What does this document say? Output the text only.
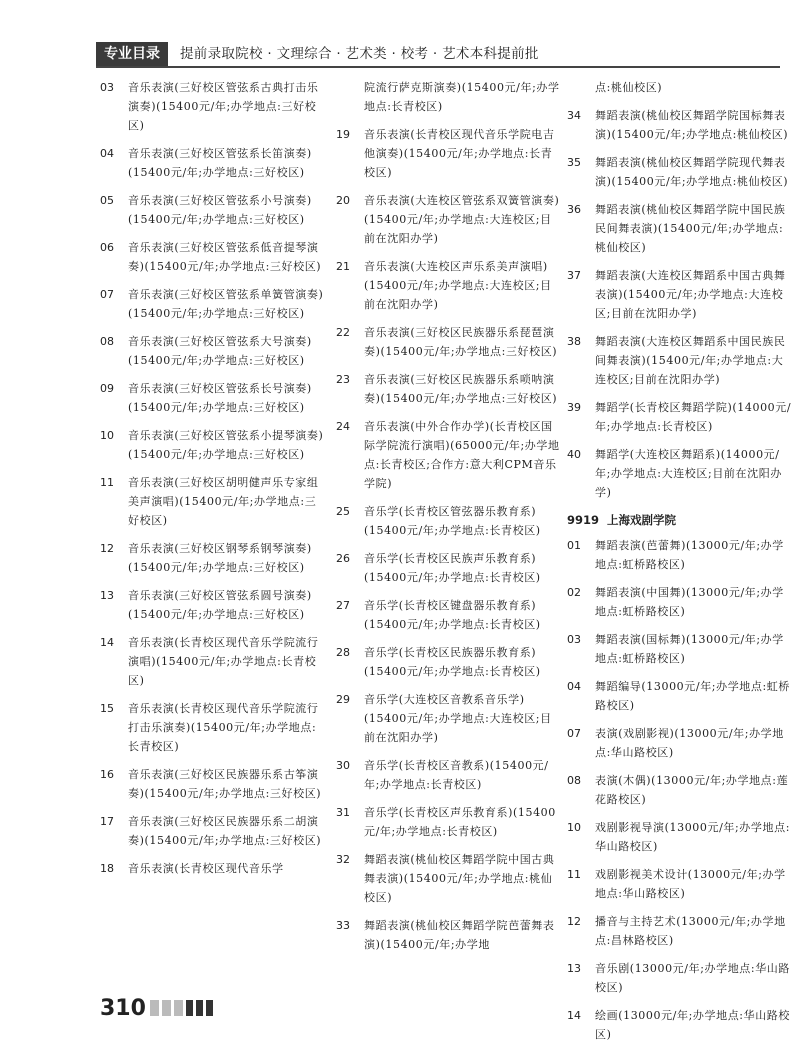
专业目录	提前录取院校 · 文理综合 · 艺术类 · 校考 · 艺术本科提前批
03	音乐表演(三好校区管弦系古典打击乐演奏)(15400元/年;办学地点:三好校区)
04	音乐表演(三好校区管弦系长笛演奏)(15400元/年;办学地点:三好校区)
05	音乐表演(三好校区管弦系小号演奏)(15400元/年;办学地点:三好校区)
06	音乐表演(三好校区管弦系低音提琴演奏)(15400元/年;办学地点:三好校区)
07	音乐表演(三好校区管弦系单簧管演奏)(15400元/年;办学地点:三好校区)
08	音乐表演(三好校区管弦系大号演奏)(15400元/年;办学地点:三好校区)
09	音乐表演(三好校区管弦系长号演奏)(15400元/年;办学地点:三好校区)
10	音乐表演(三好校区管弦系小提琴演奏)(15400元/年;办学地点:三好校区)
11	音乐表演(三好校区胡明健声乐专家组美声演唱)(15400元/年;办学地点:三好校区)
12	音乐表演(三好校区钢琴系钢琴演奏)(15400元/年;办学地点:三好校区)
13	音乐表演(三好校区管弦系圆号演奏)(15400元/年;办学地点:三好校区)
14	音乐表演(长青校区现代音乐学院流行演唱)(15400元/年;办学地点:长青校区)
15	音乐表演(长青校区现代音乐学院流行打击乐演奏)(15400元/年;办学地点:长青校区)
16	音乐表演(三好校区民族器乐系古筝演奏)(15400元/年;办学地点:三好校区)
17	音乐表演(三好校区民族器乐系二胡演奏)(15400元/年;办学地点:三好校区)
18	音乐表演(长青校区现代音乐学
院流行萨克斯演奏)(15400元/年;办学地点:长青校区)
19	音乐表演(长青校区现代音乐学院电吉他演奏)(15400元/年;办学地点:长青校区)
20	音乐表演(大连校区管弦系双簧管演奏)(15400元/年;办学地点:大连校区;目前在沈阳办学)
21	音乐表演(大连校区声乐系美声演唱)(15400元/年;办学地点:大连校区;目前在沈阳办学)
22	音乐表演(三好校区民族器乐系琵琶演奏)(15400元/年;办学地点:三好校区)
23	音乐表演(三好校区民族器乐系唢呐演奏)(15400元/年;办学地点:三好校区)
24	音乐表演(中外合作办学)(长青校区国际学院流行演唱)(65000元/年;办学地点:长青校区;合作方:意大利CPM音乐学院)
25	音乐学(长青校区管弦器乐教育系)(15400元/年;办学地点:长青校区)
26	音乐学(长青校区民族声乐教育系)(15400元/年;办学地点:长青校区)
27	音乐学(长青校区键盘器乐教育系)(15400元/年;办学地点:长青校区)
28	音乐学(长青校区民族器乐教育系)(15400元/年;办学地点:长青校区)
29	音乐学(大连校区音教系音乐学)(15400元/年;办学地点:大连校区;目前在沈阳办学)
30	音乐学(长青校区音教系)(15400元/年;办学地点:长青校区)
31	音乐学(长青校区声乐教育系)(15400元/年;办学地点:长青校区)
32	舞蹈表演(桃仙校区舞蹈学院中国古典舞表演)(15400元/年;办学地点:桃仙校区)
33	舞蹈表演(桃仙校区舞蹈学院芭蕾舞表演)(15400元/年;办学地
点:桃仙校区)
34	舞蹈表演(桃仙校区舞蹈学院国标舞表演)(15400元/年;办学地点:桃仙校区)
35	舞蹈表演(桃仙校区舞蹈学院现代舞表演)(15400元/年;办学地点:桃仙校区)
36	舞蹈表演(桃仙校区舞蹈学院中国民族民间舞表演)(15400元/年;办学地点:桃仙校区)
37	舞蹈表演(大连校区舞蹈系中国古典舞表演)(15400元/年;办学地点:大连校区;目前在沈阳办学)
38	舞蹈表演(大连校区舞蹈系中国民族民间舞表演)(15400元/年;办学地点:大连校区;目前在沈阳办学)
39	舞蹈学(长青校区舞蹈学院)(14000元/年;办学地点:长青校区)
40	舞蹈学(大连校区舞蹈系)(14000元/年;办学地点:大连校区;目前在沈阳办学)
9919 上海戏剧学院
01	舞蹈表演(芭蕾舞)(13000元/年;办学地点:虹桥路校区)
02	舞蹈表演(中国舞)(13000元/年;办学地点:虹桥路校区)
03	舞蹈表演(国标舞)(13000元/年;办学地点:虹桥路校区)
04	舞蹈编导(13000元/年;办学地点:虹桥路校区)
07	表演(戏剧影视)(13000元/年;办学地点:华山路校区)
08	表演(木偶)(13000元/年;办学地点:莲花路校区)
10	戏剧影视导演(13000元/年;办学地点:华山路校区)
11	戏剧影视美术设计(13000元/年;办学地点:华山路校区)
12	播音与主持艺术(13000元/年;办学地点:昌林路校区)
13	音乐剧(13000元/年;办学地点:华山路校区)
14	绘画(13000元/年;办学地点:华山路校区)
310
